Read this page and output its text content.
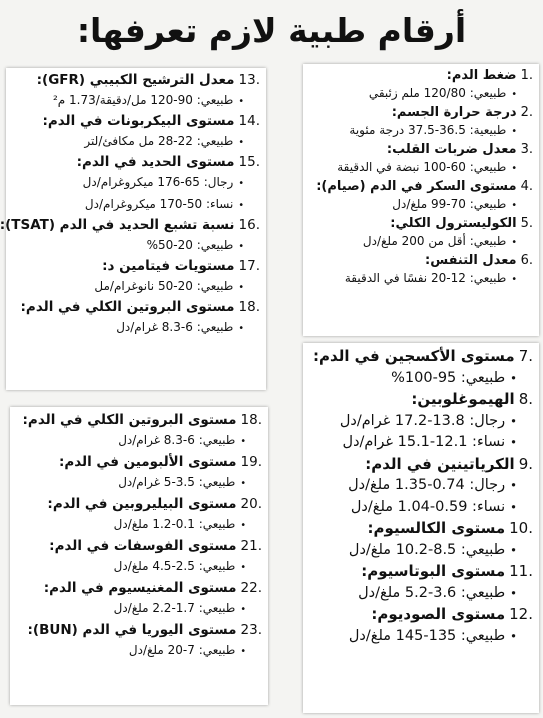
أرقام طبية لازم تعرفها:
13.
معدل الترشيح الكبيبي (GFR):
•
طبيعي: 90-120 مل/دقيقة/1.73 م²
14.
مستوى البيكربونات في الدم:
•
طبيعي: 22-28 مل مكافئ/لتر
15.
مستوى الحديد في الدم:
•
رجال: 65-176 ميكروغرام/دل
•
نساء: 50-170 ميكروغرام/دل
16.
نسبة تشبع الحديد في الدم (TSAT):
•
طبيعي: 20-50%
17.
مستويات فيتامين د:
•
طبيعي: 20-50 نانوغرام/مل
18.
مستوى البروتين الكلي في الدم:
•
طبيعي: 6-8.3 غرام/دل
1.
ضغط الدم:
•
طبيعي: 120/80 ملم زئبقي
2.
درجة حرارة الجسم:
•
طبيعية: 36.5-37.5 درجة مئوية
3.
معدل ضربات القلب:
•
طبيعي: 60-100 نبضة في الدقيقة
4.
مستوى السكر في الدم (صيام):
•
طبيعي: 70-99 ملغ/دل
5.
الكوليسترول الكلي:
•
طبيعي: أقل من 200 ملغ/دل
6.
معدل التنفس:
•
طبيعي: 12-20 نفسًا في الدقيقة
7.
مستوى الأكسجين في الدم:
•
طبيعي: 95-100%
8.
الهيموغلوبين:
•
رجال: 13.8-17.2 غرام/دل
•
نساء: 12.1-15.1 غرام/دل
9.
الكرياتينين في الدم:
•
رجال: 0.74-1.35 ملغ/دل
•
نساء: 0.59-1.04 ملغ/دل
10.
مستوى الكالسيوم:
•
طبيعي: 8.5-10.2 ملغ/دل
11.
مستوى البوتاسيوم:
•
طبيعي: 3.6-5.2 ملغ/دل
12.
مستوى الصوديوم:
•
طبيعي: 135-145 ملغ/دل
18.
مستوى البروتين الكلي في الدم:
•
طبيعي: 6-8.3 غرام/دل
19.
مستوى الألبومين في الدم:
•
طبيعي: 3.5-5 غرام/دل
20.
مستوى البيليروبين في الدم:
•
طبيعي: 0.1-1.2 ملغ/دل
21.
مستوى الفوسفات في الدم:
•
طبيعي: 2.5-4.5 ملغ/دل
22.
مستوى المغنيسيوم في الدم:
•
طبيعي: 1.7-2.2 ملغ/دل
23.
مستوى اليوريا في الدم (BUN):
•
طبيعي: 7-20 ملغ/دل
